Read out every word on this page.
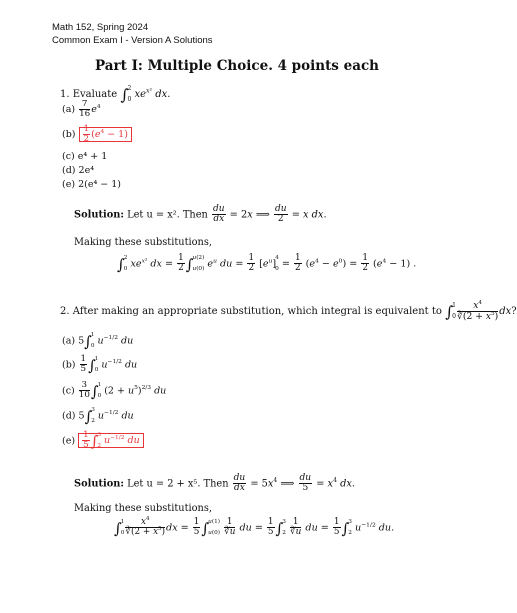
Math 152, Spring 2024
Common Exam I - Version A Solutions
Part I: Multiple Choice. 4 points each
1. Evaluate ∫ 2
0 $xe^{x^2}$ dx.
$(a) \frac{7}{16} e^4$
$(b) \frac{1}{2} (e^4 - 1)$
(c) e⁴ + 1
(d) 2e⁴
(e) 2(e⁴ − 1)
Solution: Let u = x². Then $\frac{du}{dx} = 2x$ ⟹ $\frac{du}{2} = x$ dx.
Making these substitutions,
∫ 2
0 $xe^{x^2}$ dx = $\frac{1}{2}$ ∫ u(2)
u(0) $e^u$ du = $\frac{1}{2} [e^u]$
4
$0 = \frac{1}{2} (e^4 - e^0) = \frac{1}{2} (e^4 - 1)$ .
2. After making an appropriate substitution, which integral is equivalent to ∫ 1
$0 \frac{x^4}{∛(2 + x^5)}$ dx?
(a) 5∫ 1
0 $u^{-1/2}$ du
$(b) \frac{1}{5}$ ∫ 1
0 $u^{-1/2}$ du
$(c) \frac{3}{10}$ ∫ 1
0 $(2 + u^5)^{2/3}$ du
(d) 5∫ 3
2 $u^{-1/2}$ du
$(e) \frac{1}{5}$ ∫ 3
2 $u^{-1/2}$ du
Solution: Let u = 2 + x⁵. Then $\frac{du}{dx} = 5x^4$ ⟹ $\frac{du}{5} = x^4$ dx.
Making these substitutions,
∫ 1
$0 \frac{x^4}{∛(2 + x^5)}$ dx = $\frac{1}{5}$ ∫ u(1)
u(0)
$\frac{1}{∛u}$ du = $\frac{1}{5}$ ∫ 3
2
$\frac{1}{∛u}$ du = $\frac{1}{5}$ ∫ 3
2 $u^{-1/2}$ du.
